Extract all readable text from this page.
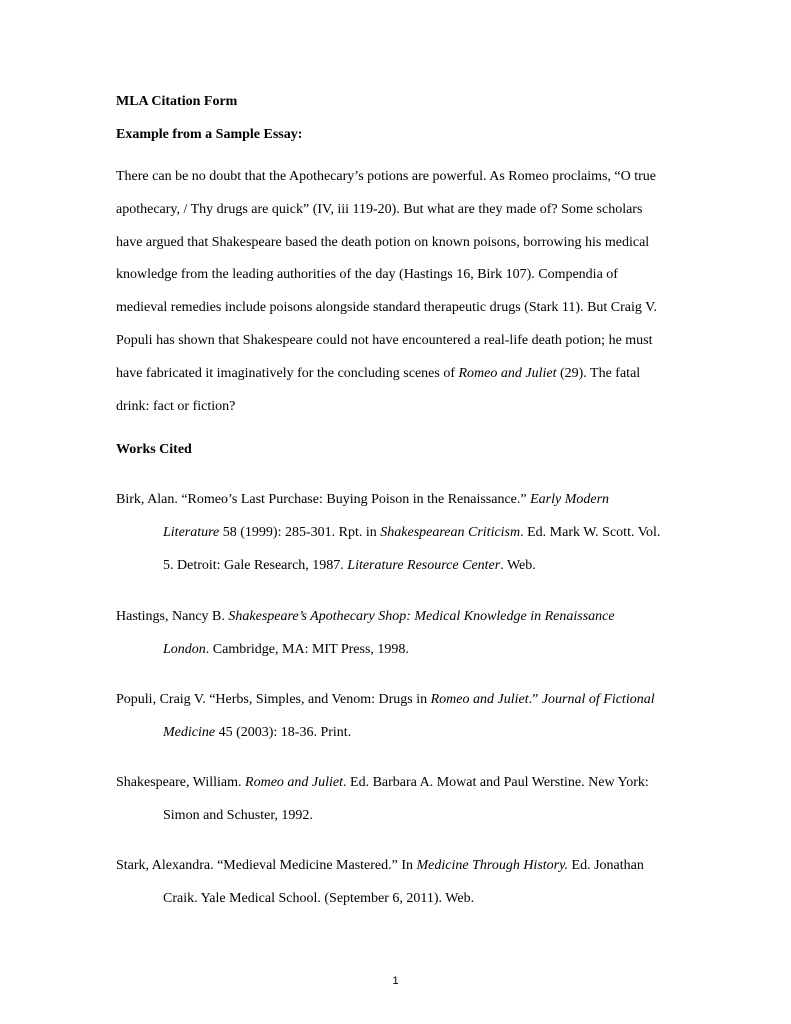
MLA Citation Form
Example from a Sample Essay:
There can be no doubt that the Apothecary’s potions are powerful. As Romeo proclaims, “O true
apothecary, / Thy drugs are quick” (IV, iii 119-20). But what are they made of? Some scholars
have argued that Shakespeare based the death potion on known poisons, borrowing his medical
knowledge from the leading authorities of the day (Hastings 16, Birk 107). Compendia of
medieval remedies include poisons alongside standard therapeutic drugs (Stark 11). But Craig V.
Populi has shown that Shakespeare could not have encountered a real-life death potion; he must
have fabricated it imaginatively for the concluding scenes of Romeo and Juliet (29). The fatal
drink: fact or fiction?
Works Cited
Birk, Alan. “Romeo’s Last Purchase: Buying Poison in the Renaissance.” Early Modern
Literature 58 (1999): 285-301. Rpt. in Shakespearean Criticism. Ed. Mark W. Scott. Vol.
5. Detroit: Gale Research, 1987. Literature Resource Center. Web.
Hastings, Nancy B. Shakespeare’s Apothecary Shop: Medical Knowledge in Renaissance
London. Cambridge, MA: MIT Press, 1998.
Populi, Craig V. “Herbs, Simples, and Venom: Drugs in Romeo and Juliet.” Journal of Fictional
Medicine 45 (2003): 18-36. Print.
Shakespeare, William. Romeo and Juliet. Ed. Barbara A. Mowat and Paul Werstine. New York:
Simon and Schuster, 1992.
Stark, Alexandra. “Medieval Medicine Mastered.” In Medicine Through History. Ed. Jonathan
Craik. Yale Medical School. (September 6, 2011). Web.
1
